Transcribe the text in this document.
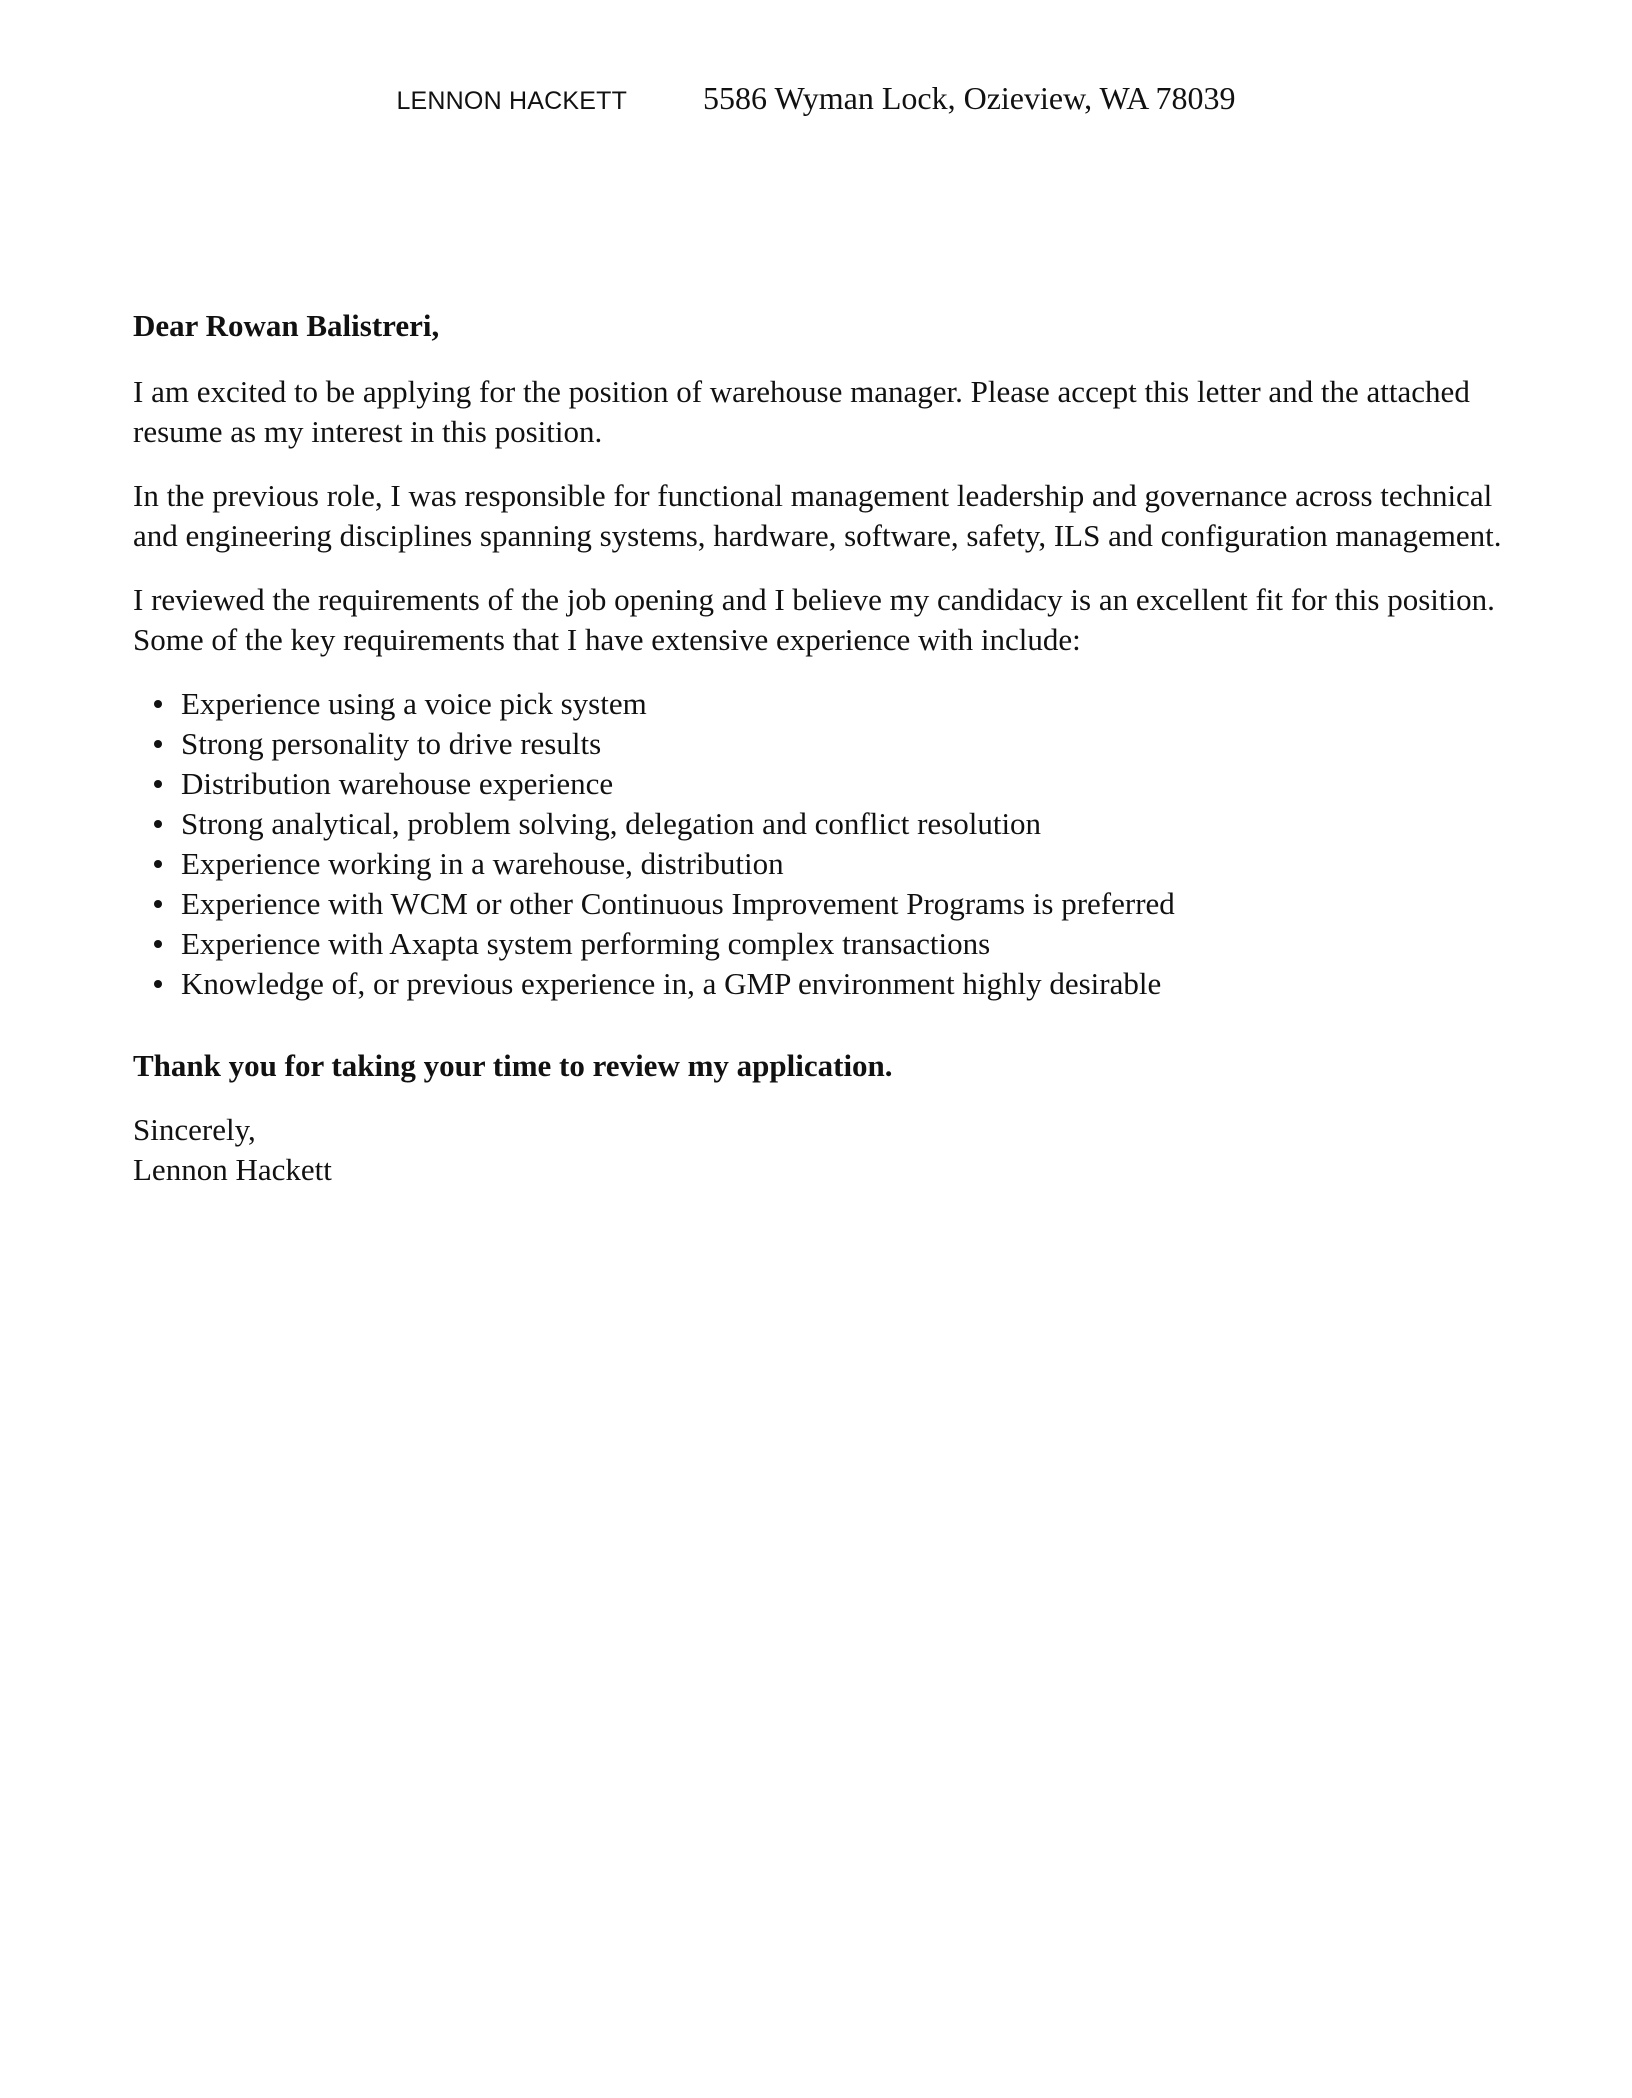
LENNON HACKETT 5586 Wyman Lock, Ozieview, WA 78039

Dear Rowan Balistreri,

I am excited to be applying for the position of warehouse manager. Please accept this letter and the attached resume as my interest in this position.

In the previous role, I was responsible for functional management leadership and governance across technical and engineering disciplines spanning systems, hardware, software, safety, ILS and configuration management.

I reviewed the requirements of the job opening and I believe my candidacy is an excellent fit for this position. Some of the key requirements that I have extensive experience with include:

Experience using a voice pick system
Strong personality to drive results
Distribution warehouse experience
Strong analytical, problem solving, delegation and conflict resolution
Experience working in a warehouse, distribution
Experience with WCM or other Continuous Improvement Programs is preferred
Experience with Axapta system performing complex transactions
Knowledge of, or previous experience in, a GMP environment highly desirable

Thank you for taking your time to review my application.

Sincerely,

Lennon Hackett
